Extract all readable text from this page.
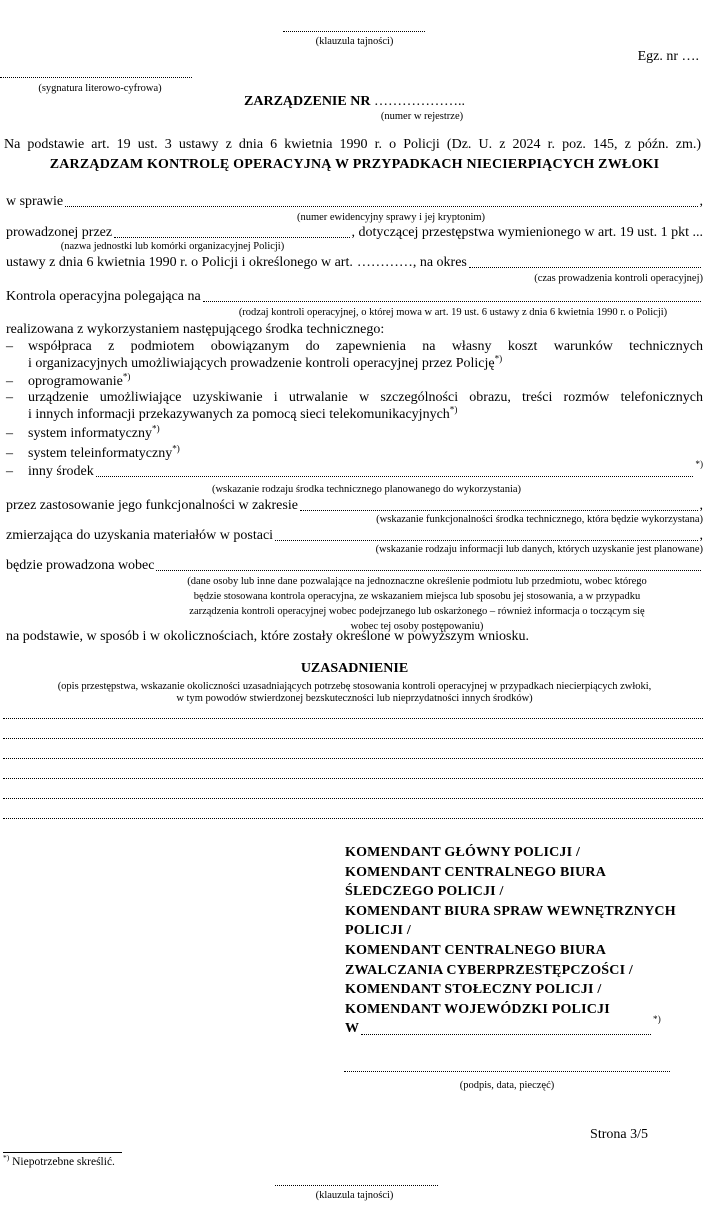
(klauzula tajności)
Egz. nr ….
(sygnatura literowo-cyfrowa)
ZARZĄDZENIE NR ………………..
(numer w rejestrze)
Na podstawie art. 19 ust. 3 ustawy z dnia 6 kwietnia 1990 r. o Policji (Dz. U. z 2024 r. poz. 145, z późn. zm.)
ZARZĄDZAM KONTROLĘ OPERACYJNĄ W PRZYPADKACH NIECIERPIĄCYCH ZWŁOKI
w sprawie	,
(numer ewidencyjny sprawy i jej kryptonim)
prowadzonej przez	, dotyczącej przestępstwa wymienionego w art. 19 ust. 1 pkt ...
(nazwa jednostki lub komórki organizacyjnej Policji)
ustawy z dnia 6 kwietnia 1990 r. o Policji i określonego w art. ………… , na okres
(czas prowadzenia kontroli operacyjnej)
Kontrola operacyjna polegająca na
(rodzaj kontroli operacyjnej, o której mowa w art. 19 ust. 6 ustawy z dnia 6 kwietnia 1990 r. o Policji)
realizowana z wykorzystaniem następującego środka technicznego:
–	współpraca z podmiotem obowiązanym do zapewnienia na własny koszt warunków technicznych
i organizacyjnych umożliwiających prowadzenie kontroli operacyjnej przez Policję*)
–	oprogramowanie*)
–	urządzenie umożliwiające uzyskiwanie i utrwalanie w szczególności obrazu, treści rozmów telefonicznych
i innych informacji przekazywanych za pomocą sieci telekomunikacyjnych*)
–	system informatyczny*)
–	system teleinformatyczny*)
–	inny środek	*)
(wskazanie rodzaju środka technicznego planowanego do wykorzystania)
przez zastosowanie jego funkcjonalności w zakresie	,
(wskazanie funkcjonalności środka technicznego, która będzie wykorzystana)
zmierzająca do uzyskania materiałów w postaci	,
(wskazanie rodzaju informacji lub danych, których uzyskanie jest planowane)
będzie prowadzona wobec
(dane osoby lub inne dane pozwalające na jednoznaczne określenie podmiotu lub przedmiotu, wobec którego
będzie stosowana kontrola operacyjna, ze wskazaniem miejsca lub sposobu jej stosowania, a w przypadku
zarządzenia kontroli operacyjnej wobec podejrzanego lub oskarżonego – również informacja o toczącym się
wobec tej osoby postępowaniu)
na podstawie, w sposób i w okolicznościach, które zostały określone w powyższym wniosku.
UZASADNIENIE
(opis przestępstwa, wskazanie okoliczności uzasadniających potrzebę stosowania kontroli operacyjnej w przypadkach niecierpiących zwłoki,
w tym powodów stwierdzonej bezskuteczności lub nieprzydatności innych środków)
KOMENDANT GŁÓWNY POLICJI /
KOMENDANT CENTRALNEGO BIURA
ŚLEDCZEGO POLICJI /
KOMENDANT BIURA SPRAW WEWNĘTRZNYCH
POLICJI /
KOMENDANT CENTRALNEGO BIURA
ZWALCZANIA CYBERPRZESTĘPCZOŚCI /
KOMENDANT STOŁECZNY POLICJI /
KOMENDANT WOJEWÓDZKI POLICJI
W
*)
(podpis, data, pieczęć)
Strona 3/5
*) Niepotrzebne skreślić.
(klauzula tajności)
